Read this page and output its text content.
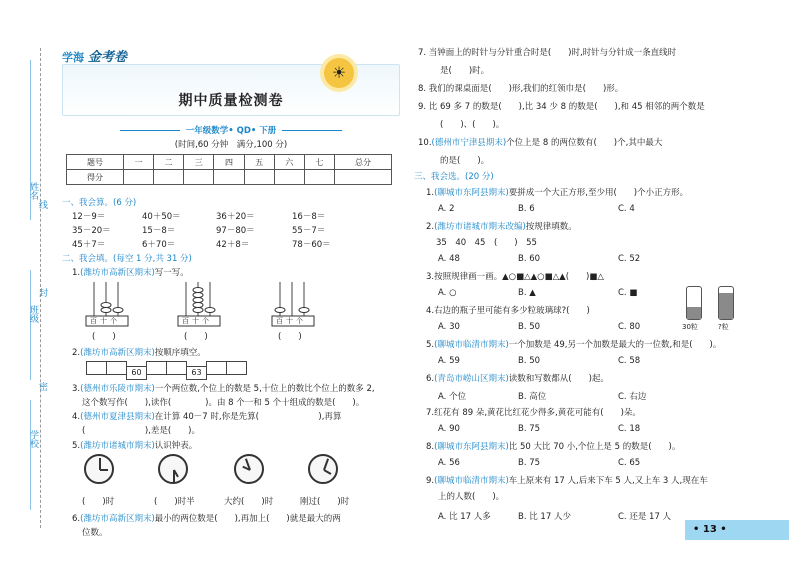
姓名
班级
学校
密
封
线
学海 金考卷
☀
期中质量检测卷
一年级数学• QD• 下册
(时间,60 分钟　满分,100 分)
题号	一	二	三	四	五	六	七	总分
得分								
一、我会算。(6 分)
12－9＝	40＋50＝	36＋20＝	16－8＝
35－20＝	15－8＝	97－80＝	55－7＝
45＋7＝	6＋70＝	42＋8＝	78－60＝
二、我会填。(每空 1 分,共 31 分)
1.(潍坊市高新区期末)写一写。
百十个	百十个	百十个
(　　)	(　　)	(　　)
2.(潍坊市高新区期末)按顺序填空。
60	63
3.(德州市乐陵市期末)一个两位数,个位上的数是 5,十位上的数比个位上的数多 2,
这个数写作(　　),读作(　　　　)。由 8 个一和 5 个十组成的数是(　　)。
4.(德州市夏津县期末)在计算 40－7 时,你是先算(　　　　　　　),再算
(　　　　　　　),差是(　　)。
5.(潍坊市诸城市期末)认识钟表。
(　　)时	(　　)时半	大约(　　)时	刚过(　　)时
6.(潍坊市高新区期末)最小的两位数是(　　),再加上(　　)就是最大的两
位数。
7. 当钟面上的时针与分针重合时是(　　)时,时针与分针成一条直线时
是(　　)时。
8. 我们的课桌面是(　　)形,我们的红领巾是(　　)形。
9. 比 69 多 7 的数是(　　),比 34 少 8 的数是(　　),和 45 相邻的两个数是
(　　)、(　　)。
10.(德州市宁津县期末)个位上是 8 的两位数有(　　)个,其中最大
的是(　　)。
三、我会选。(20 分)
1.(聊城市东阿县期末)要拼成一个大正方形,至少用(　　)个小正方形。
A. 2	B. 6	C. 4
2.(潍坊市诸城市期末改编)按规律填数。
35　40　45　(　　)　55
A. 48	B. 60	C. 52
3.按照规律画一画。▲○■△▲○■△▲(　　)■△
A. ○	B. ▲	C. ■
4.右边的瓶子里可能有多少粒玻璃球?(　　)
30粒	?粒
A. 30	B. 50	C. 80
5.(聊城市临清市期末)一个加数是 49,另一个加数是最大的一位数,和是(　　)。
A. 59	B. 50	C. 58
6.(青岛市崂山区期末)读数和写数都从(　　)起。
A. 个位	B. 高位	C. 右边
7.红花有 89 朵,黄花比红花少得多,黄花可能有(　　)朵。
A. 90	B. 75	C. 18
8.(聊城市东阿县期末)比 50 大比 70 小,个位上是 5 的数是(　　)。
A. 56	B. 75	C. 65
9.(聊城市临清市期末)车上原来有 17 人,后来下车 5 人,又上车 3 人,现在车
上的人数(　　)。
A. 比 17 人多	B. 比 17 人少	C. 还是 17 人
• 13 •
